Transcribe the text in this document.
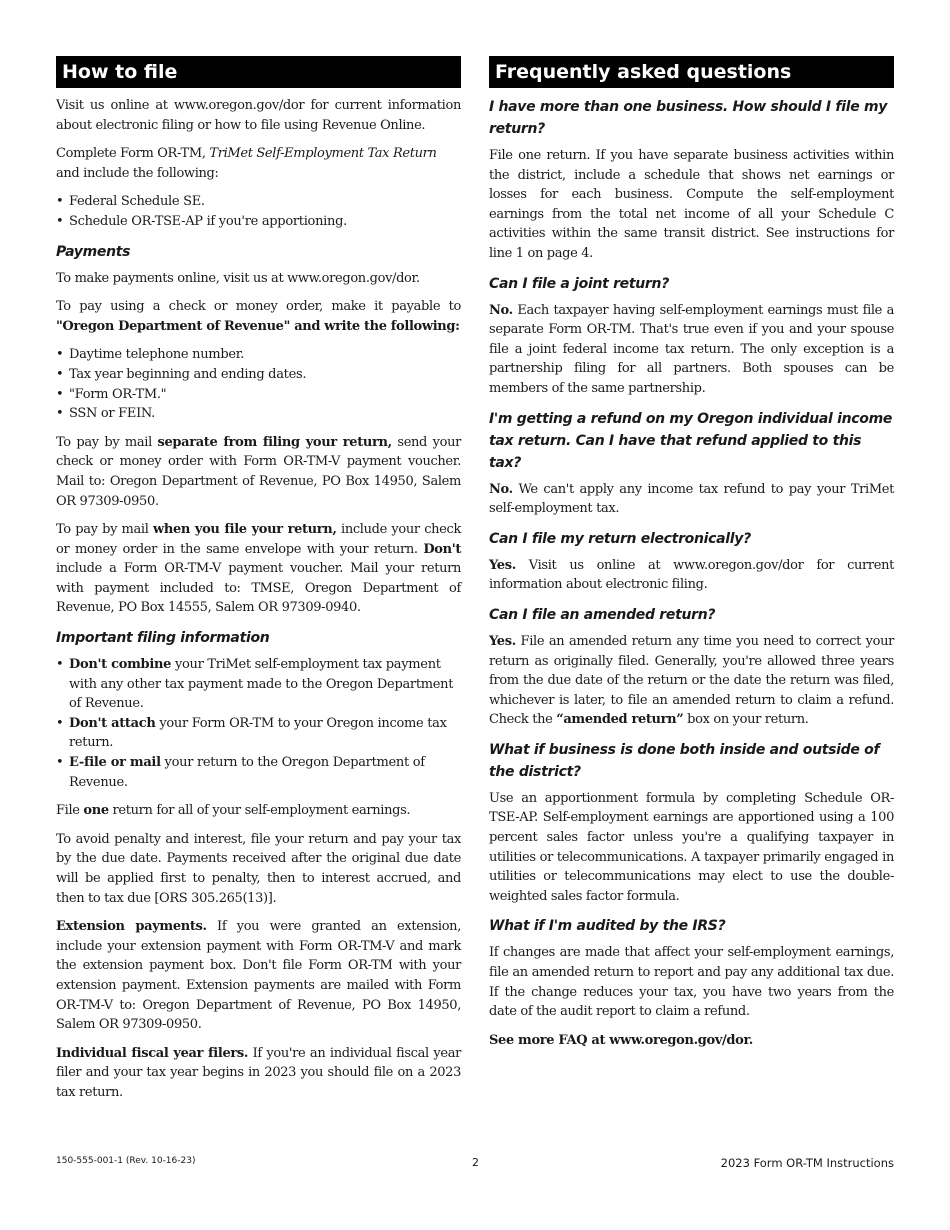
How to file

Visit us online at www.oregon.gov/dor for current information about electronic filing or how to file using Revenue Online.

Complete Form OR-TM, TriMet Self-Employment Tax Return and include the following:

• Federal Schedule SE.
• Schedule OR-TSE-AP if you're apportioning.
Payments

To make payments online, visit us at www.oregon.gov/dor.

To pay using a check or money order, make it payable to "Oregon Department of Revenue" and write the following:

• Daytime telephone number.
• Tax year beginning and ending dates.
• "Form OR-TM."
• SSN or FEIN.

To pay by mail separate from filing your return, send your check or money order with Form OR-TM-V payment voucher. Mail to: Oregon Department of Revenue, PO Box 14950, Salem OR 97309-0950.

To pay by mail when you file your return, include your check or money order in the same envelope with your return. Don't include a Form OR-TM-V payment voucher. Mail your return with payment included to: TMSE, Oregon Department of Revenue, PO Box 14555, Salem OR 97309-0940.

Important filing information
• Don't combine your TriMet self-employment tax payment with any other tax payment made to the Oregon Department of Revenue.
• Don't attach your Form OR-TM to your Oregon income tax return.
• E-file or mail your return to the Oregon Department of Revenue.

File one return for all of your self-employment earnings.

To avoid penalty and interest, file your return and pay your tax by the due date. Payments received after the original due date will be applied first to penalty, then to interest accrued, and then to tax due [ORS 305.265(13)].

Extension payments. If you were granted an extension, include your extension payment with Form OR-TM-V and mark the extension payment box. Don't file Form OR-TM with your extension payment. Extension payments are mailed with Form OR-TM-V to: Oregon Department of Revenue, PO Box 14950, Salem OR 97309-0950.

Individual fiscal year filers. If you're an individual fiscal year filer and your tax year begins in 2023 you should file on a 2023 tax return.

Frequently asked questions
I have more than one business. How should I file my return?

File one return. If you have separate business activities within the district, include a schedule that shows net earnings or losses for each business. Compute the self-employment earnings from the total net income of all your Schedule C activities within the same transit district. See instructions for line 1 on page 4.

Can I file a joint return?

No. Each taxpayer having self-employment earnings must file a separate Form OR-TM. That's true even if you and your spouse file a joint federal income tax return. The only exception is a partnership filing for all partners. Both spouses can be members of the same partnership.

I'm getting a refund on my Oregon individual income tax return. Can I have that refund applied to this tax?

No. We can't apply any income tax refund to pay your TriMet self-employment tax.

Can I file my return electronically?

Yes. Visit us online at www.oregon.gov/dor for current information about electronic filing.

Can I file an amended return?

Yes. File an amended return any time you need to correct your return as originally filed. Generally, you're allowed three years from the due date of the return or the date the return was filed, whichever is later, to file an amended return to claim a refund. Check the “amended return” box on your return.

What if business is done both inside and outside of the district?

Use an apportionment formula by completing Schedule OR-TSE-AP. Self-employment earnings are apportioned using a 100 percent sales factor unless you're a qualifying taxpayer in utilities or telecommunications. A taxpayer primarily engaged in utilities or telecommunications may elect to use the double-weighted sales factor formula.

What if I'm audited by the IRS?

If changes are made that affect your self-employment earnings, file an amended return to report and pay any additional tax due. If the change reduces your tax, you have two years from the date of the audit report to claim a refund.

See more FAQ at www.oregon.gov/dor.

150-555-001-1 (Rev. 10-16-23)	2	2023 Form OR-TM Instructions
